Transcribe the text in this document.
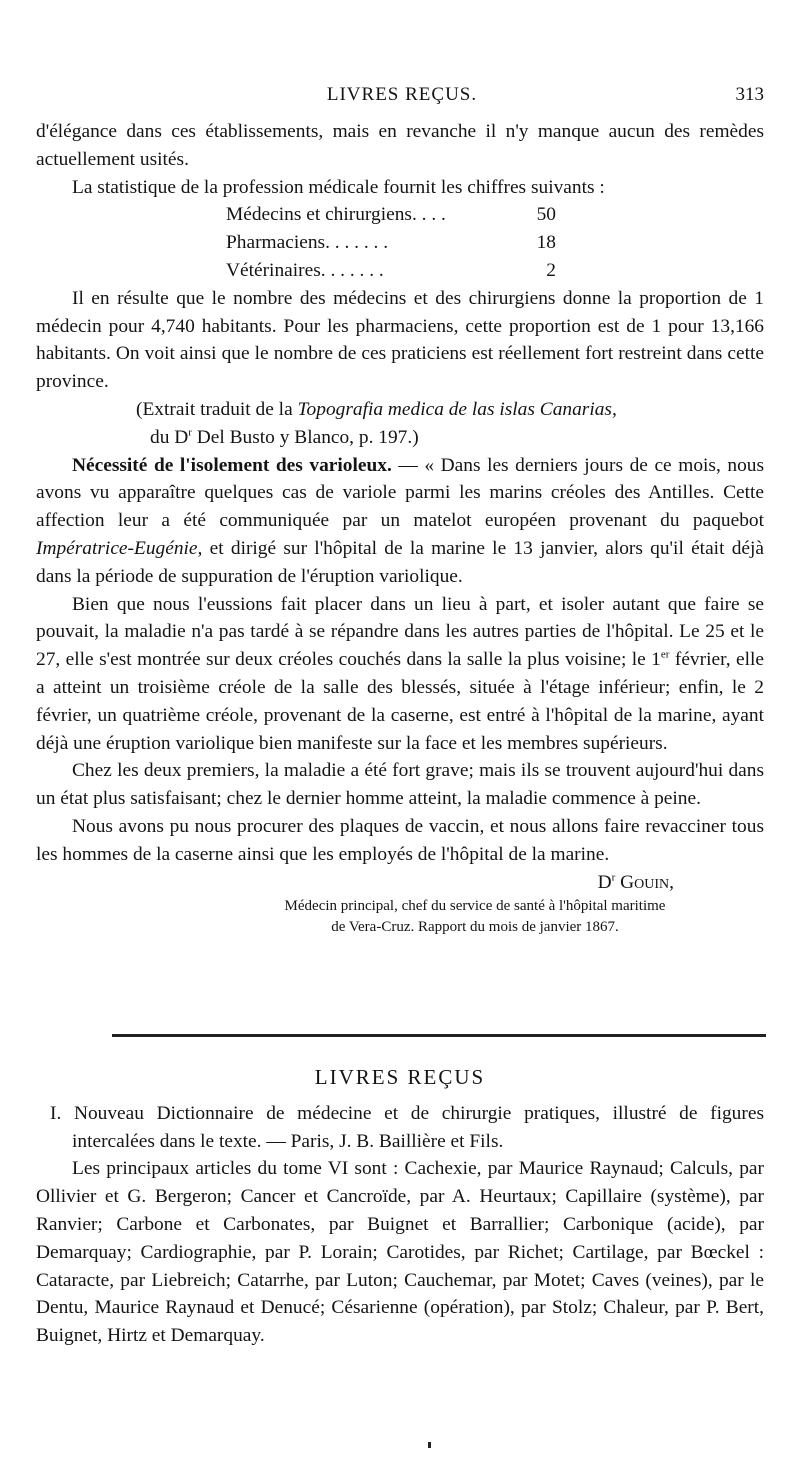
LIVRES REÇUS.	313

d'élégance dans ces établissements, mais en revanche il n'y manque aucun des remèdes actuellement usités.

La statistique de la profession médicale fournit les chiffres suivants :

Médecins et chirurgiens. . . .	50
Pharmaciens. . . . . . .	18
Vétérinaires. . . . . . .	2

Il en résulte que le nombre des médecins et des chirurgiens donne la proportion de 1 médecin pour 4,740 habitants. Pour les pharmaciens, cette proportion est de 1 pour 13,166 habitants. On voit ainsi que le nombre de ces praticiens est réellement fort restreint dans cette province.

(Extrait traduit de la Topografia medica de las islas Canarias,
du $D^r$ Del Busto y Blanco, p. 197.)

Nécessité de l'isolement des varioleux. — « Dans les derniers jours de ce mois, nous avons vu apparaître quelques cas de variole parmi les marins créoles des Antilles. Cette affection leur a été communiquée par un matelot européen provenant du paquebot Impératrice-Eugénie, et dirigé sur l'hôpital de la marine le 13 janvier, alors qu'il était déjà dans la période de suppuration de l'éruption variolique.

Bien que nous l'eussions fait placer dans un lieu à part, et isoler autant que faire se pouvait, la maladie n'a pas tardé à se répandre dans les autres parties de l'hôpital. Le 25 et le 27, elle s'est montrée sur deux créoles couchés dans la salle la plus voisine; le 1er février, elle a atteint un troisième créole de la salle des blessés, située à l'étage inférieur; enfin, le 2 février, un quatrième créole, provenant de la caserne, est entré à l'hôpital de la marine, ayant déjà une éruption variolique bien manifeste sur la face et les membres supérieurs.

Chez les deux premiers, la maladie a été fort grave; mais ils se trouvent aujourd'hui dans un état plus satisfaisant; chez le dernier homme atteint, la maladie commence à peine.

Nous avons pu nous procurer des plaques de vaccin, et nous allons faire revacciner tous les hommes de la caserne ainsi que les employés de l'hôpital de la marine.

$D^r$ Gouin,

Médecin principal, chef du service de santé à l'hôpital maritime

de Vera-Cruz. Rapport du mois de janvier 1867.

LIVRES REÇUS

I. Nouveau Dictionnaire de médecine et de chirurgie pratiques, illustré de figures intercalées dans le texte. — Paris, J. B. Baillière et Fils.

Les principaux articles du tome VI sont : Cachexie, par Maurice Raynaud; Calculs, par Ollivier et G. Bergeron; Cancer et Cancroïde, par A. Heurtaux; Capillaire (système), par Ranvier; Carbone et Carbonates, par Buignet et Barrallier; Carbonique (acide), par Demarquay; Cardiographie, par P. Lorain; Carotides, par Richet; Cartilage, par Bœckel : Cataracte, par Liebreich; Catarrhe, par Luton; Cauchemar, par Motet; Caves (veines), par le Dentu, Maurice Raynaud et Denucé; Césarienne (opération), par Stolz; Chaleur, par P. Bert, Buignet, Hirtz et Demarquay.
